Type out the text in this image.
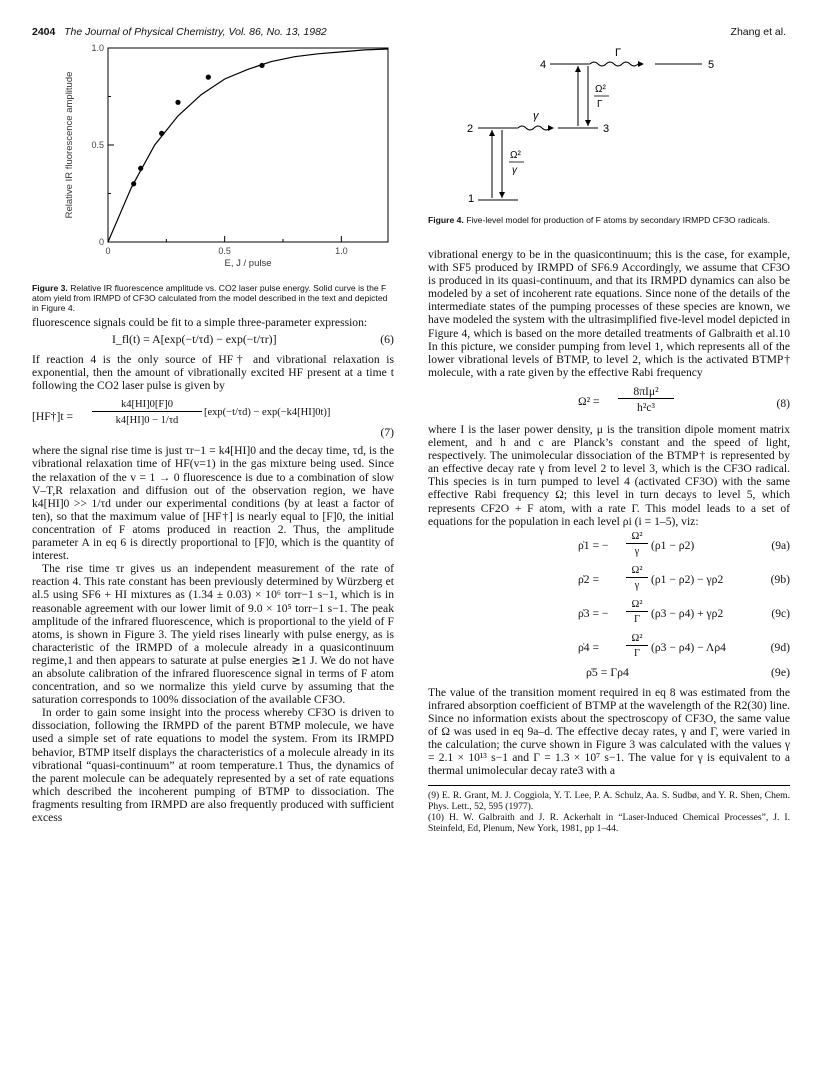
2404 The Journal of Physical Chemistry, Vol. 86, No. 13, 1982	Zhang et al.
1.0
0.5
0
0	0.5	1.0
E, J / pulse
Relative IR fluorescence amplitude
Figure 3. Relative IR fluorescence amplitude vs. CO2 laser pulse energy. Solid curve is the F atom yield from IRMPD of CF3O calculated from the model described in the text and depicted in Figure 4.
2	3
4	5
1
γ
Γ
Ω²
γ
Ω²
Γ
Figure 4. Five-level model for production of F atoms by secondary IRMPD CF3O radicals.

fluorescence signals could be fit to a simple three-parameter expression:

I_fl(t) = A[exp(−t/τd) − exp(−t/τr)]	(6)

If reaction 4 is the only source of HF† and vibrational relaxation is exponential, then the amount of vibrationally excited HF present at a time t following the CO2 laser pulse is given by

[HF†]t =
k4[HI]0[F]0
k4[HI]0 − 1/τd
[exp(−t/τd) − exp(−k4[HI]0t)]
(7)

where the signal rise time is just τr−1 = k4[HI]0 and the decay time, τd, is the vibrational relaxation time of HF(v=1) in the gas mixture being used. Since the relaxation of the v = 1 → 0 fluorescence is due to a combination of slow V–T,R relaxation and diffusion out of the observation region, we have k4[HI]0 >> 1/τd under our experimental conditions (by at least a factor of ten), so that the maximum value of [HF†] is nearly equal to [F]0, the initial concentration of F atoms produced in reaction 2. Thus, the amplitude parameter A in eq 6 is directly proportional to [F]0, which is the quantity of interest.

The rise time τr gives us an independent measurement of the rate of reaction 4. This rate constant has been previously determined by Würzberg et al.5 using SF6 + HI mixtures as (1.34 ± 0.03) × 10⁶ torr−1 s−1, which is in reasonable agreement with our lower limit of 9.0 × 10⁵ torr−1 s−1. The peak amplitude of the infrared fluorescence, which is proportional to the yield of F atoms, is shown in Figure 3. The yield rises linearly with pulse energy, as is characteristic of the IRMPD of a molecule already in a quasicontinuum regime,1 and then appears to saturate at pulse energies ≳1 J. We do not have an absolute calibration of the infrared fluorescence signal in terms of F atom concentration, and so we normalize this yield curve by assuming that the saturation corresponds to 100% dissociation of the available CF3O.

In order to gain some insight into the process whereby CF3O is driven to dissociation, following the IRMPD of the parent BTMP molecule, we have used a simple set of rate equations to model the system. From its IRMPD behavior, BTMP itself displays the characteristics of a molecule already in its vibrational “quasi-continuum” at room temperature.1 Thus, the dynamics of the parent molecule can be adequately represented by a set of rate equations which described the incoherent pumping of BTMP to dissociation. The fragments resulting from IRMPD are also frequently produced with sufficient excess

vibrational energy to be in the quasicontinuum; this is the case, for example, with SF5 produced by IRMPD of SF6.9 Accordingly, we assume that CF3O is produced in its quasi-continuum, and that its IRMPD dynamics can also be modeled by a set of incoherent rate equations. Since none of the details of the intermediate states of the pumping processes of these species are known, we have modeled the system with the ultrasimplified five-level model depicted in Figure 4, which is based on the more detailed treatments of Galbraith et al.10 In this picture, we consider pumping from level 1, which represents all of the lower vibrational levels of BTMP, to level 2, which is the activated BTMP† molecule, with a rate given by the effective Rabi frequency

Ω² =
8πIμ²
h²c³	(8)

where I is the laser power density, μ is the transition dipole moment matrix element, and h and c are Planck’s constant and the speed of light, respectively. The unimolecular dissociation of the BTMP† is represented by an effective decay rate γ from level 2 to level 3, which is the CF3O radical. This species is in turn pumped to level 4 (activated CF3O) with the same effective Rabi frequency Ω; this level in turn decays to level 5, which represents CF2O + F atom, with a rate Γ. This model leads to a set of equations for the population in each level ρi (i = 1–5), viz:

ρ̇1 = −
Ω²
γ	(ρ1 − ρ2)	(9a)
ρ̇2 =
Ω²
γ	(ρ1 − ρ2) − γρ2	(9b)
ρ̇3 = −
Ω²
Γ (ρ3 − ρ4) + γρ2	(9c)
ρ̇4 =
Ω²
Γ (ρ3 − ρ4) − Λρ4	(9d)
ρ̇5 = Γρ4	(9e)

The value of the transition moment required in eq 8 was estimated from the infrared absorption coefficient of BTMP at the wavelength of the R2(30) line. Since no information exists about the spectroscopy of CF3O, the same value of Ω was used in eq 9a–d. The effective decay rates, γ and Γ, were varied in the calculation; the curve shown in Figure 3 was calculated with the values γ = 2.1 × 10¹³ s−1 and Γ = 1.3 × 10⁷ s−1. The value for γ is equivalent to a thermal unimolecular decay rate3 with a

(9) E. R. Grant, M. J. Coggiola, Y. T. Lee, P. A. Schulz, Aa. S. Sudbø, and Y. R. Shen, Chem. Phys. Lett., 52, 595 (1977).

(10) H. W. Galbraith and J. R. Ackerhalt in “Laser-Induced Chemical Processes”, J. I. Steinfeld, Ed, Plenum, New York, 1981, pp 1–44.
